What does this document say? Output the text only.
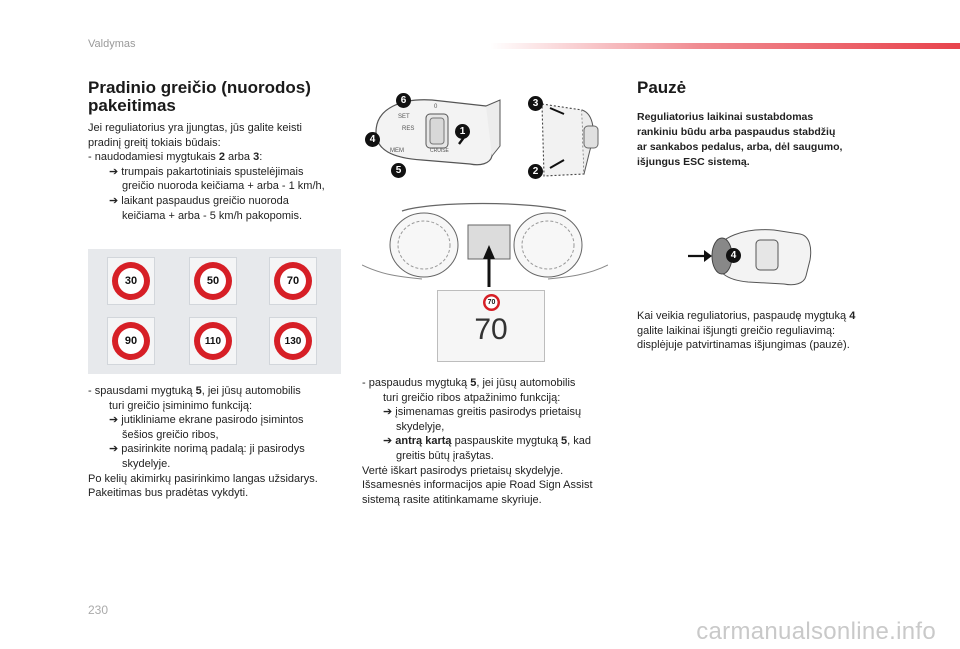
Valdymas
Pradinio greičio (nuorodos)
pakeitimas
Jei reguliatorius yra įjungtas, jūs galite keisti
pradinį greitį tokiais būdais:
- naudodamiesi mygtukais 2 arba 3:
➔ trumpais pakartotiniais spustelėjimais
greičio nuoroda keičiama + arba - 1 km/h,
➔ laikant paspaudus greičio nuoroda
keičiama + arba - 5 km/h pakopomis.
30	50	70
90	110	130
- spausdami mygtuką 5, jei jūsų automobilis
turi greičio įsiminimo funkciją:
➔ jutikliniame ekrane pasirodo įsimintos
šešios greičio ribos,
➔ pasirinkite norimą padalą: ji pasirodys
skydelyje.
Po kelių akimirkų pasirinkimo langas užsidarys.
Pakeitimas bus pradėtas vykdyti.
SET
RES
MEM	CRUISE
0
6
4
5
1
3
2
70
70
- paspaudus mygtuką 5, jei jūsų automobilis
turi greičio ribos atpažinimo funkciją:
➔ įsimenamas greitis pasirodys prietaisų
skydelyje,
➔ antrą kartą paspauskite mygtuką 5, kad
greitis būtų įrašytas.
Vertė iškart pasirodys prietaisų skydelyje.
Išsamesnės informacijos apie Road Sign Assist
sistemą rasite atitinkamame skyriuje.
Pauzė
Reguliatorius laikinai sustabdomas
rankiniu būdu arba paspaudus stabdžių
ar sankabos pedalus, arba, dėl saugumo,
išjungus ESC sistemą.
4
Kai veikia reguliatorius, paspaudę mygtuką 4
galite laikinai išjungti greičio reguliavimą:
displėjuje patvirtinamas išjungimas (pauzė).
230
carmanualsonline.info
